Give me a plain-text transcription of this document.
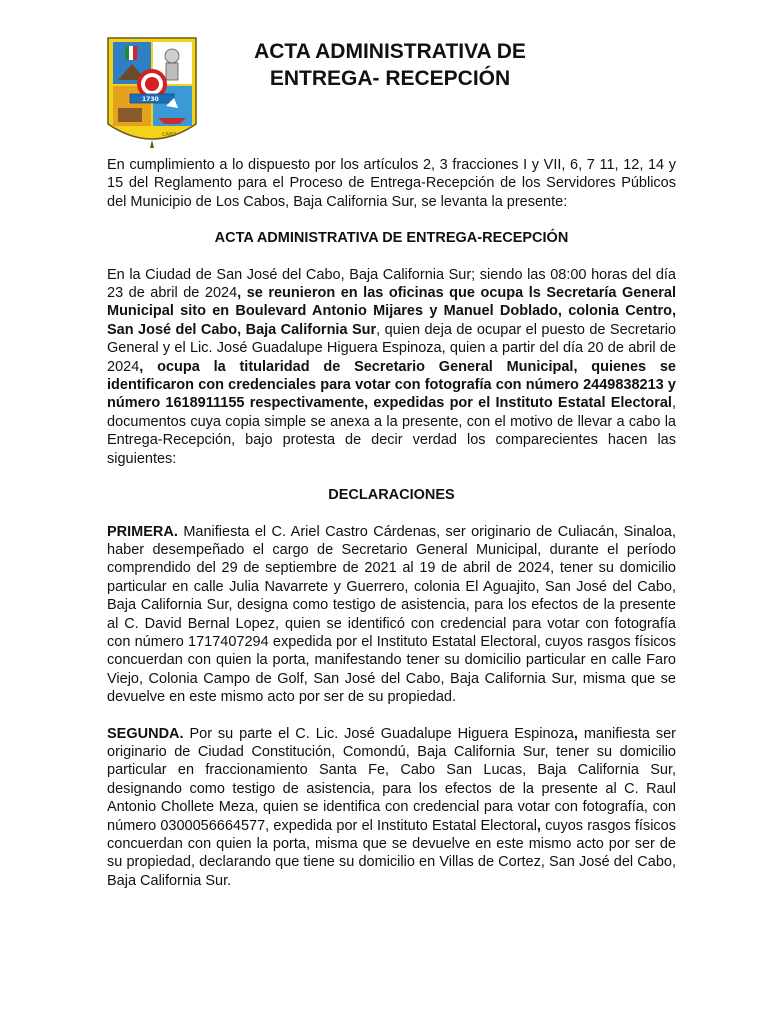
1730
CABO
ACTA ADMINISTRATIVA DE
ENTREGA- RECEPCIÓN

En cumplimiento a lo dispuesto por los artículos 2, 3 fracciones I y VII, 6, 7 11, 12, 14 y 15 del Reglamento para el Proceso de Entrega-Recepción de los Servidores Públicos del Municipio de Los Cabos, Baja California Sur, se levanta la presente:

ACTA ADMINISTRATIVA DE ENTREGA-RECEPCIÓN

En la Ciudad de San José del Cabo, Baja California Sur; siendo las 08:00 horas del día 23 de abril de 2024, se reunieron en las oficinas que ocupa ls Secretaría General Municipal sito en Boulevard Antonio Mijares y Manuel Doblado, colonia Centro, San José del Cabo, Baja California Sur, quien deja de ocupar el puesto de Secretario General y el Lic. José Guadalupe Higuera Espinoza, quien a partir del día 20 de abril de 2024, ocupa la titularidad de Secretario General Municipal, quienes se identificaron con credenciales para votar con fotografía con número 2449838213 y número 1618911155 respectivamente, expedidas por el Instituto Estatal Electoral, documentos cuya copia simple se anexa a la presente, con el motivo de llevar a cabo la Entrega-Recepción, bajo protesta de decir verdad los comparecientes hacen las siguientes:

DECLARACIONES

PRIMERA. Manifiesta el C. Ariel Castro Cárdenas, ser originario de Culiacán, Sinaloa, haber desempeñado el cargo de Secretario General Municipal, durante el período comprendido del 29 de septiembre de 2021 al 19 de abril de 2024, tener su domicilio particular en calle Julia Navarrete y Guerrero, colonia El Aguajito, San José del Cabo, Baja California Sur, designa como testigo de asistencia, para los efectos de la presente al C. David Bernal Lopez, quien se identificó con credencial para votar con fotografía con número 1717407294 expedida por el Instituto Estatal Electoral, cuyos rasgos físicos concuerdan con quien la porta, manifestando tener su domicilio particular en calle Faro Viejo, Colonia Campo de Golf, San José del Cabo, Baja California Sur, misma que se devuelve en este mismo acto por ser de su propiedad.

SEGUNDA. Por su parte el C. Lic. José Guadalupe Higuera Espinoza, manifiesta ser originario de Ciudad Constitución, Comondú, Baja California Sur, tener su domicilio particular en fraccionamiento Santa Fe, Cabo San Lucas, Baja California Sur, designando como testigo de asistencia, para los efectos de la presente al C. Raul Antonio Chollete Meza, quien se identifica con credencial para votar con fotografía, con número 0300056664577, expedida por el Instituto Estatal Electoral, cuyos rasgos físicos concuerdan con quien la porta, misma que se devuelve en este mismo acto por ser de su propiedad, declarando que tiene su domicilio en Villas de Cortez, San José del Cabo, Baja California Sur.
